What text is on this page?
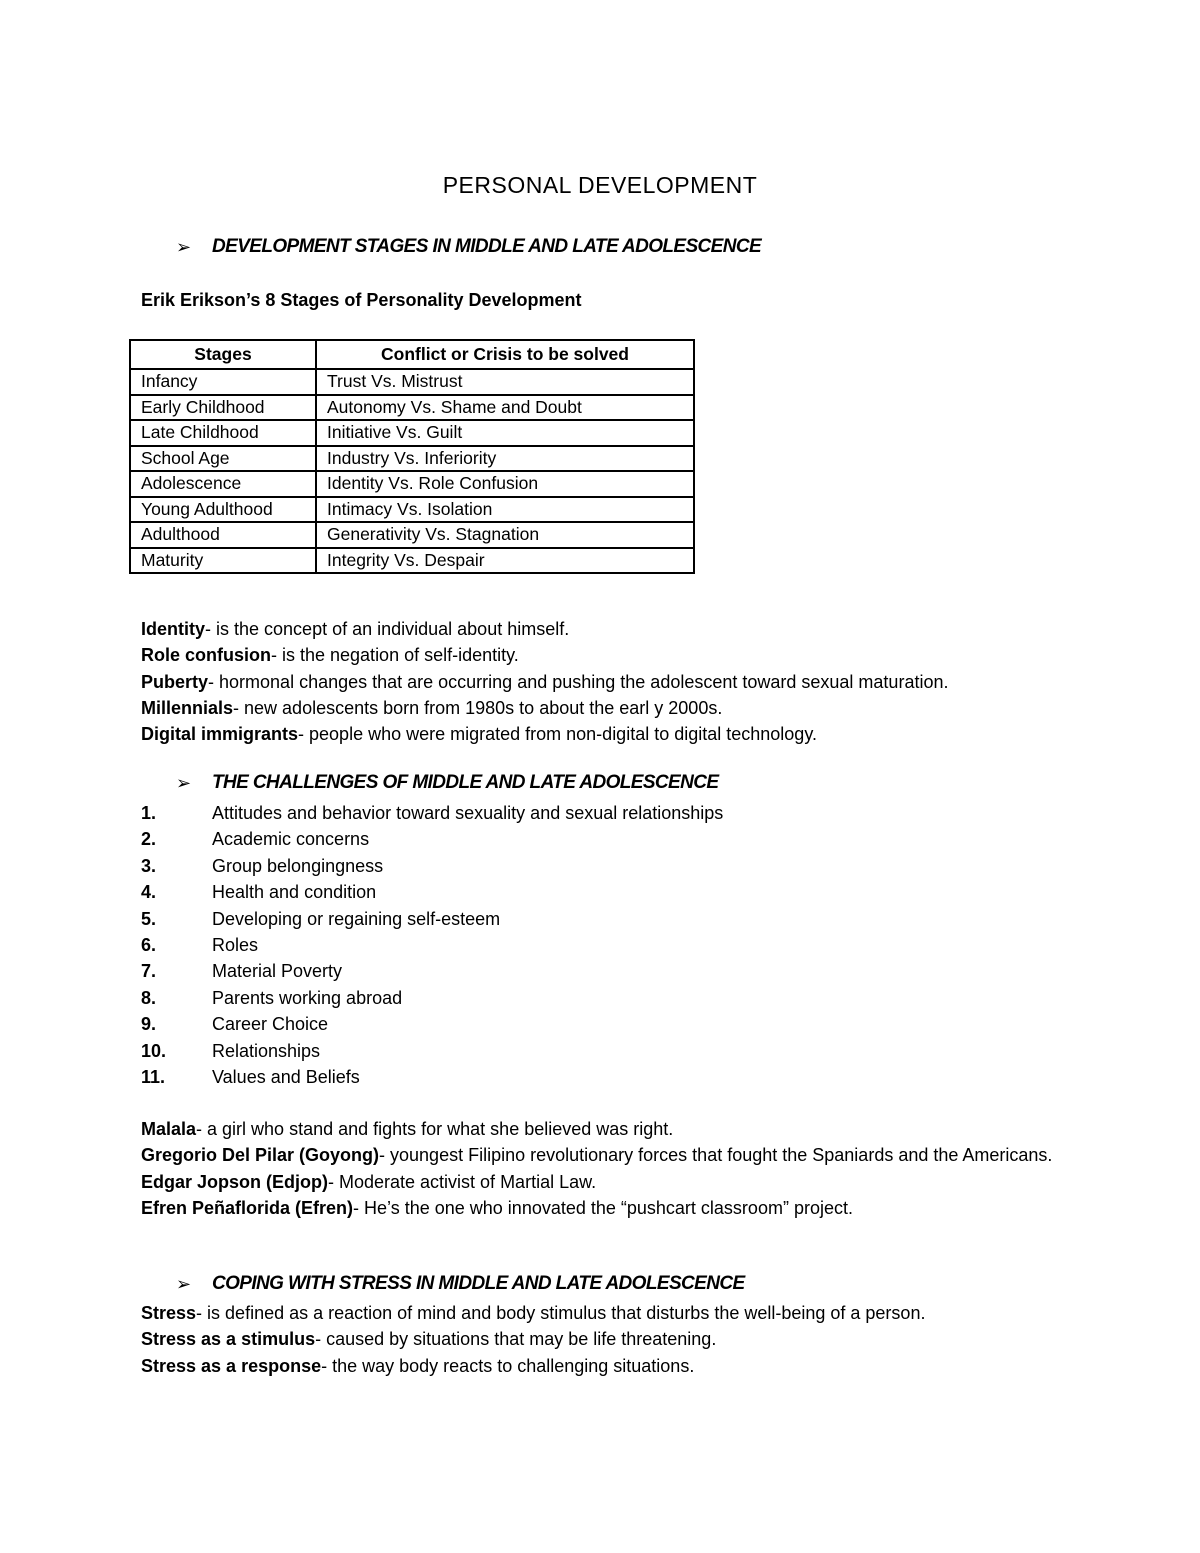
PERSONAL DEVELOPMENT
➢ DEVELOPMENT STAGES IN MIDDLE AND LATE ADOLESCENCE
Erik Erikson’s 8 Stages of Personality Development
Stages	Conflict or Crisis to be solved
Infancy	Trust Vs. Mistrust
Early Childhood	Autonomy Vs. Shame and Doubt
Late Childhood	Initiative Vs. Guilt
School Age	Industry Vs. Inferiority
Adolescence	Identity Vs. Role Confusion
Young Adulthood	Intimacy Vs. Isolation
Adulthood	Generativity Vs. Stagnation
Maturity	Integrity Vs. Despair

Identity- is the concept of an individual about himself.

Role confusion- is the negation of self-identity.

Puberty- hormonal changes that are occurring and pushing the adolescent toward sexual maturation.

Millennials- new adolescents born from 1980s to about the earl y 2000s.

Digital immigrants- people who were migrated from non-digital to digital technology.

➢ THE CHALLENGES OF MIDDLE AND LATE ADOLESCENCE
1.	Attitudes and behavior toward sexuality and sexual relationships
2.	Academic concerns
3.	Group belongingness
4.	Health and condition
5.	Developing or regaining self-esteem
6.	Roles
7.	Material Poverty
8.	Parents working abroad
9.	Career Choice
10.	Relationships
11.	Values and Beliefs

Malala- a girl who stand and fights for what she believed was right.

Gregorio Del Pilar (Goyong)- youngest Filipino revolutionary forces that fought the Spaniards and the Americans.

Edgar Jopson (Edjop)- Moderate activist of Martial Law.

Efren Peñaflorida (Efren)- He’s the one who innovated the “pushcart classroom” project.

➢ COPING WITH STRESS IN MIDDLE AND LATE ADOLESCENCE

Stress- is defined as a reaction of mind and body stimulus that disturbs the well-being of a person.

Stress as a stimulus- caused by situations that may be life threatening.

Stress as a response- the way body reacts to challenging situations.
